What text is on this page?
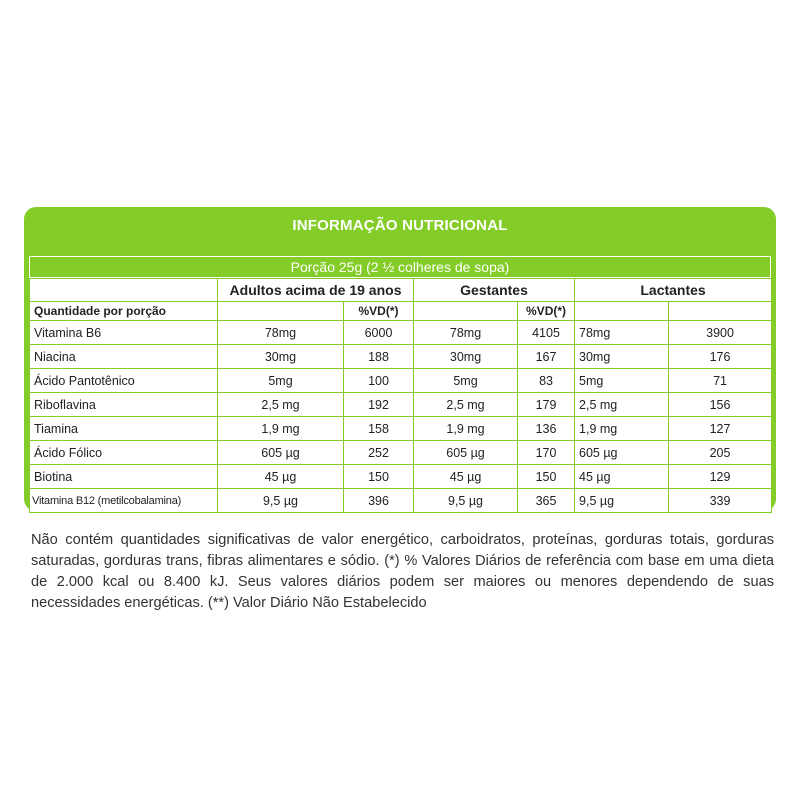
INFORMAÇÃO NUTRICIONAL
Porção 25g (2 ½ colheres de sopa)
	Adultos acima de 19 anos		Gestantes		Lactantes	
Quantidade por porção		%VD(*)		%VD(*)		
Vitamina B6	78mg	6000	78mg	4105	78mg	3900
Niacina	30mg	188	30mg	167	30mg	176
Ácido Pantotênico	5mg	100	5mg	83	5mg	71
Riboflavina	2,5 mg	192	2,5 mg	179	2,5 mg	156
Tiamina	1,9 mg	158	1,9 mg	136	1,9 mg	127
Ácido Fólico	605 µg	252	605 µg	170	605 µg	205
Biotina	45 µg	150	45 µg	150	45 µg	129
Vitamina B12 (metilcobalamina)	9,5 µg	396	9,5 µg	365	9,5 µg	339

Não contém quantidades significativas de valor energético, carboidratos, proteínas, gorduras totais, gorduras saturadas, gorduras trans, fibras alimentares e sódio. (*) % Valores Diários de referência com base em uma dieta de 2.000 kcal ou 8.400 kJ. Seus valores diários podem ser maiores ou menores dependendo de suas necessidades energéticas. (**) Valor Diário Não Estabelecido
